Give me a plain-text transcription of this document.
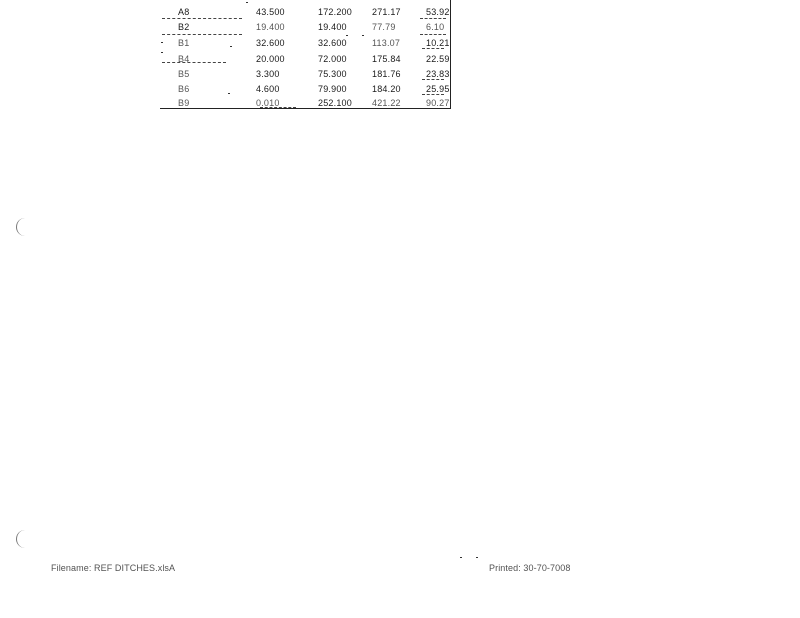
A8	43.500	172.200 271.17	53.92
B2	19.400	19.400	77.79	6.10
B1	32.600	32.600	113.07	10.21
B4	20.000	72.000	175.84	22.59
B5	3.300	75.300	181.76	23.83
B6	4.600	79.900	184.20	25.95
B9	0.010	252.100 421.22	90.27
Filename: REF DITCHES.xlsA	Printed: 30-70-7008
